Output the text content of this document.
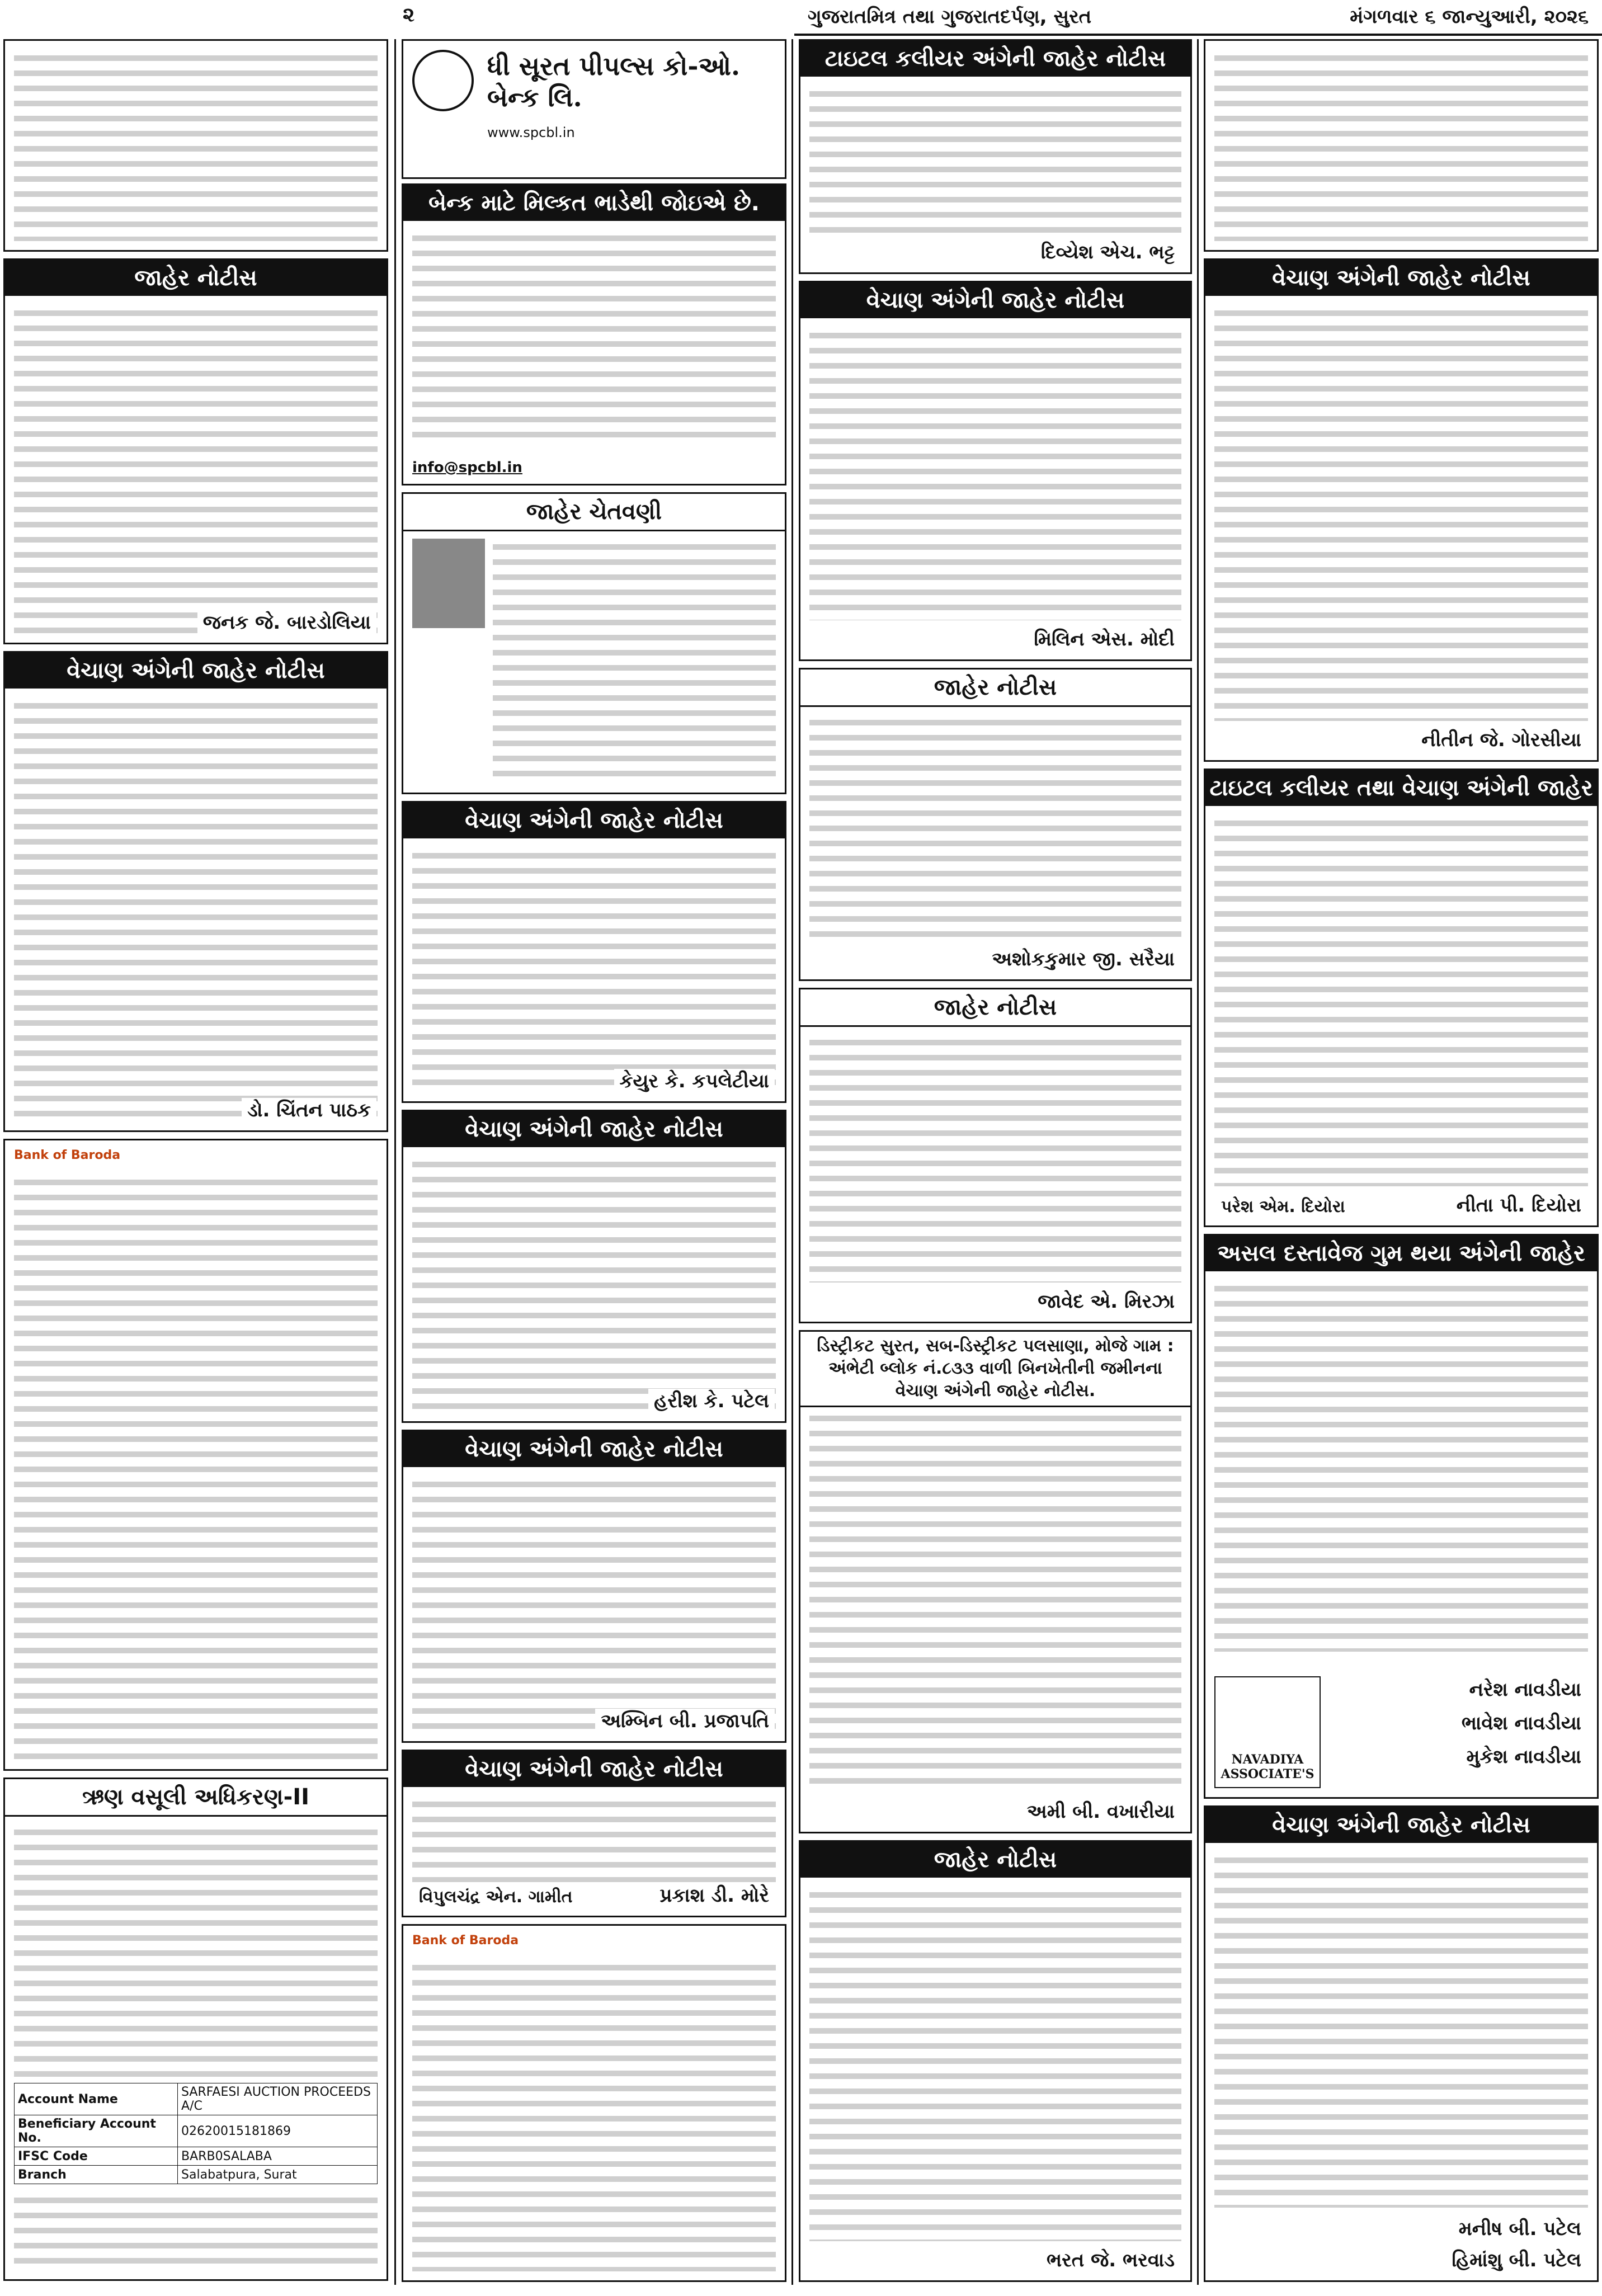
૨	ગુજરાતમિત્ર તથા ગુજરાતદર્પણ, સુરત	મંગળવાર ૬ જાન્યુઆરી, ૨૦૨૬
જાહેર નોટીસ
જનક જે. બારડોલિયા
વેચાણ અંગેની જાહેર નોટીસ
ડો. ચિંતન પાઠક
Bank of Baroda
ઋણ વસૂલી અધિકરણ-II
Account Name	SARFAESI AUCTION PROCEEDS A/C
Beneficiary Account No.	02620015181869
IFSC Code	BARB0SALABA
Branch	Salabatpura, Surat
ધી સૂરત પીપલ્સ કો-ઓ. બેન્ક લિ.
www.spcbl.in
બેન્ક માટે મિલ્કત ભાડેથી જોઇએ છે.
info@spcbl.in
જાહેર ચેતવણી
વેચાણ અંગેની જાહેર નોટીસ
કેયુર કે. કપલેટીયા
વેચાણ અંગેની જાહેર નોટીસ
હરીશ કે. પટેલ
વેચાણ અંગેની જાહેર નોટીસ
અમ્બિન બી. પ્રજાપતિ
વેચાણ અંગેની જાહેર નોટીસ
વિપુલચંદ્ર એન. ગામીત	પ્રકાશ ડી. મોરે
Bank of Baroda
ટાઇટલ કલીયર અંગેની જાહેર નોટીસ
દિવ્યેશ એચ. ભટ્ટ
વેચાણ અંગેની જાહેર નોટીસ
મિલિન એસ. મોદી
જાહેર નોટીસ
અશોકકુમાર જી. સરૈયા
જાહેર નોટીસ
જાવેદ એ. મિરઝા
ડિસ્ટ્રીકટ સુરત, સબ-ડિસ્ટ્રીકટ પલસાણા, મોજે ગામ : અંભેટી બ્લોક નં.૮૩૩ વાળી બિનખેતીની જમીનના વેચાણ અંગેની જાહેર નોટીસ.
અમી બી. વખારીયા
જાહેર નોટીસ
ભરત જે. ભરવાડ
વેચાણ અંગેની જાહેર નોટીસ
નીતીન જે. ગોરસીયા
ટાઇટલ કલીયર તથા વેચાણ અંગેની જાહેર
પરેશ એમ. દિયોરા	નીતા પી. દિયોરા
અસલ દસ્તાવેજ ગુમ થયા અંગેની જાહેર
NAVADIYA ASSOCIATE'S
નરેશ નાવડીયા
ભાવેશ નાવડીયા
મુકેશ નાવડીયા
વેચાણ અંગેની જાહેર નોટીસ
મનીષ બી. પટેલ
હિમાંશુ બી. પટેલ
